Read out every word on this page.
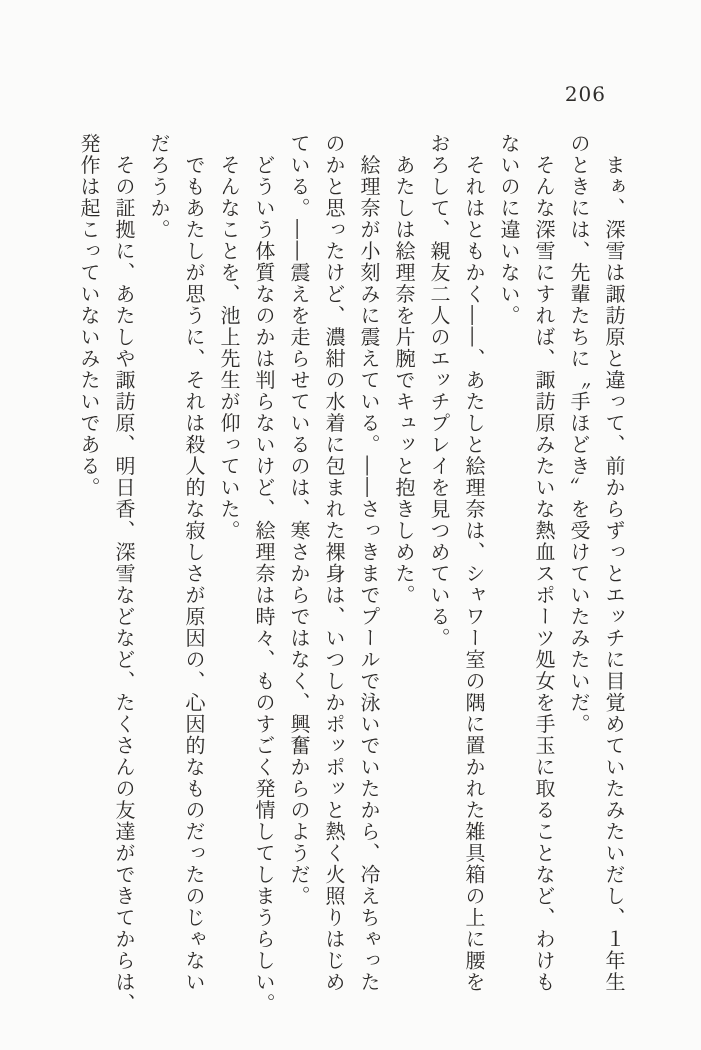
206

　まぁ、深雪は諏訪原と違って、前からずっとエッチに目覚めていたみたいだし、１年生

のときには、先輩たちに〝手ほどき〟を受けていたみたいだ。

　そんな深雪にすれば、諏訪原みたいな熱血スポーツ処女を手玉に取ることなど、わけも

ないのに違いない。

　それはともかく――、あたしと絵理奈は、シャワー室の隅に置かれた雑具箱の上に腰を

おろして、親友二人のエッチプレイを見つめている。

　あたしは絵理奈を片腕でキュッと抱きしめた。

　絵理奈が小刻みに震えている。――さっきまでプールで泳いでいたから、冷えちゃった

のかと思ったけど、濃紺の水着に包まれた裸身は、いつしかポッポッと熱く火照りはじめ

ている。――震えを走らせているのは、寒さからではなく、興奮からのようだ。

　どういう体質なのかは判らないけど、絵理奈は時々、ものすごく発情してしまうらしい。

　そんなことを、池上先生が仰っていた。

　でもあたしが思うに、それは殺人的な寂しさが原因の、心因的なものだったのじゃない

だろうか。

　その証拠に、あたしや諏訪原、明日香、深雪などなど、たくさんの友達ができてからは、

発作は起こっていないみたいである。
